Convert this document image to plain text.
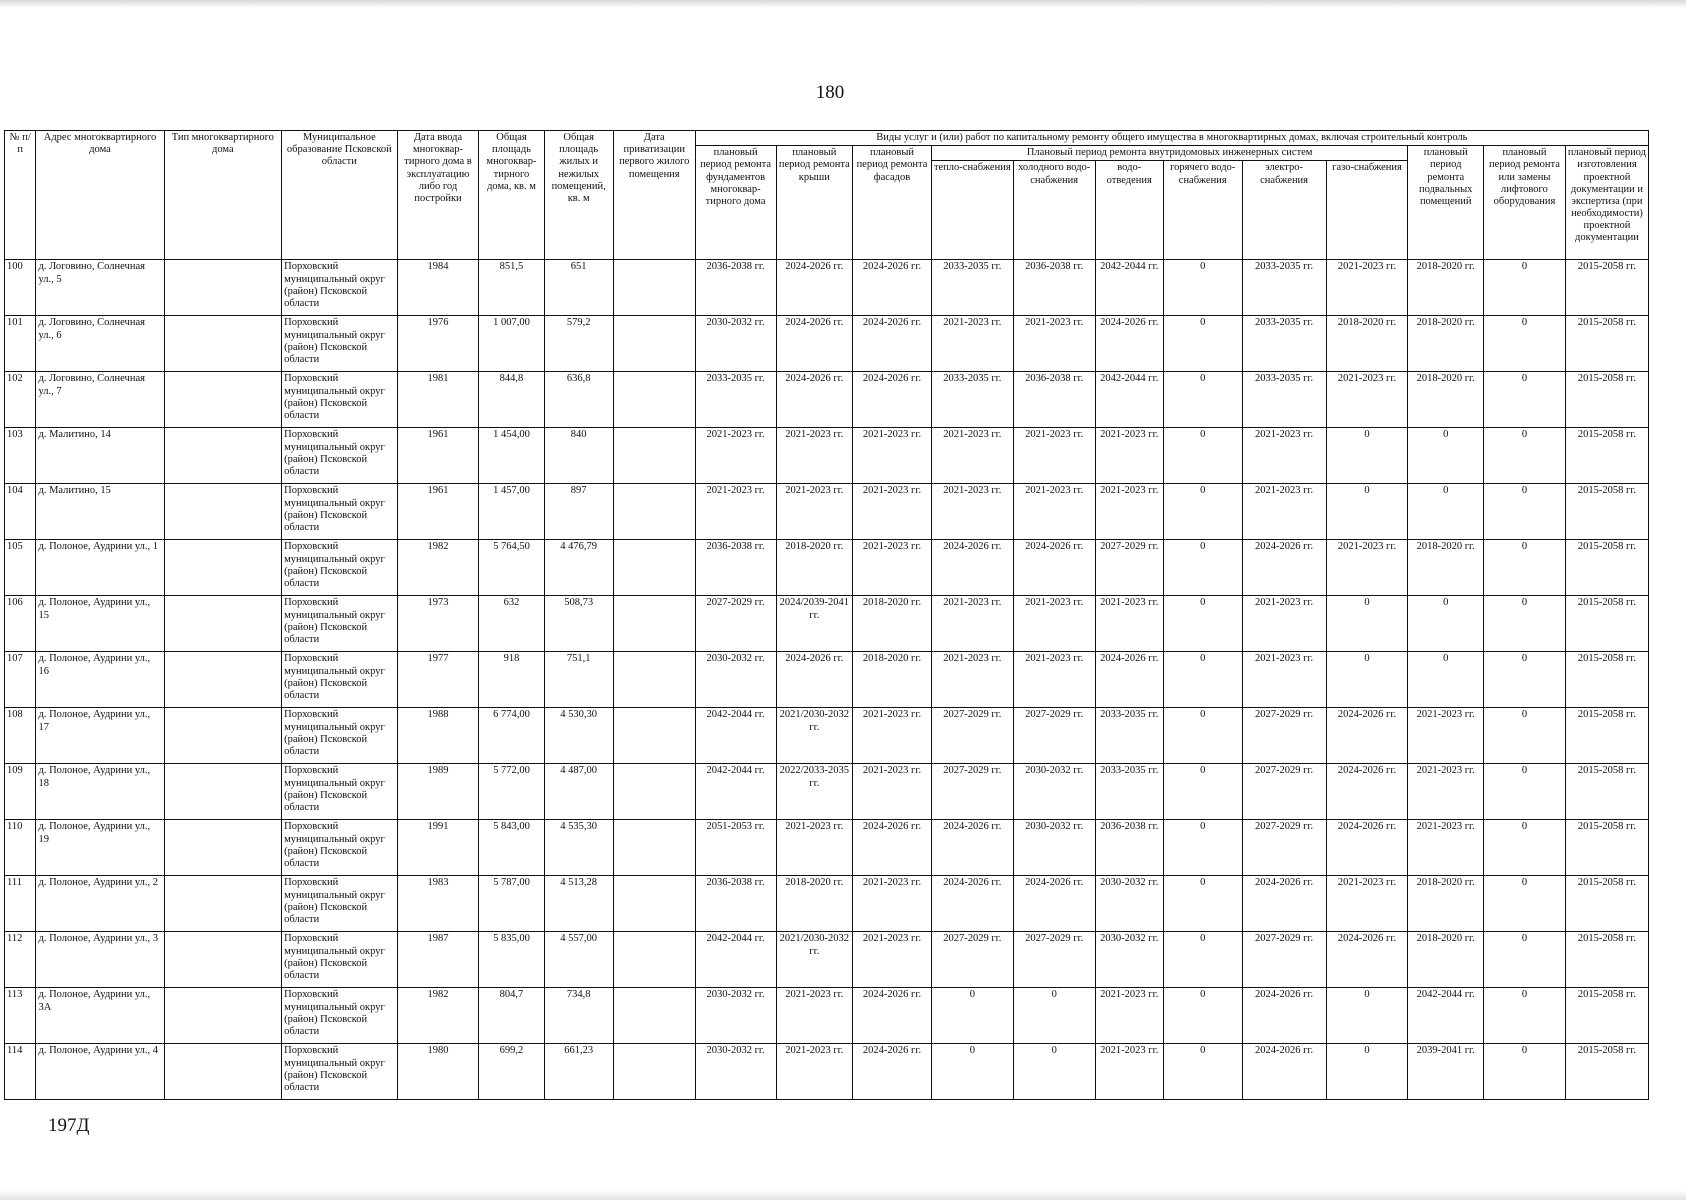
180
№ п/п	Адрес многоквартирного дома	Тип многоквартирного дома	Муниципальное образование Псковской области	Дата ввода многоквар-тирного дома в эксплуатацию либо год постройки	Общая площадь многоквар-тирного дома, кв. м	Общая площадь жилых и нежилых помещений, кв. м	Дата приватизации первого жилого помещения	Виды услуг и (или) работ по капитальному ремонту общего имущества в многоквартирных домах, включая строительный контроль											
								плановый период ремонта фундаментов многоквар-тирного дома	плановый период ремонта крыши	плановый период ремонта фасадов	Плановый период ремонта внутридомовых инженерных систем						плановый период ремонта подвальных помещений	плановый период ремонта или замены лифтового оборудования	плановый период изготовления проектной документации и экспертиза (при необходимости) проектной документации
											тепло-снабжения	холодного водо-снабжения	водо-отведения	горячего водо-снабжения	электро-снабжения	газо-снабжения			
100	д. Логовино, Солнечная ул., 5		Порховский муниципальный округ (район) Псковской области	1984	851,5	651		2036-2038 гг.	2024-2026 гг.	2024-2026 гг.	2033-2035 гг.	2036-2038 гг.	2042-2044 гг.	0	2033-2035 гг.	2021-2023 гг.	2018-2020 гг.	0	2015-2058 гг.
101	д. Логовино, Солнечная ул., 6		Порховский муниципальный округ (район) Псковской области	1976	1 007,00	579,2		2030-2032 гг.	2024-2026 гг.	2024-2026 гг.	2021-2023 гг.	2021-2023 гг.	2024-2026 гг.	0	2033-2035 гг.	2018-2020 гг.	2018-2020 гг.	0	2015-2058 гг.
102	д. Логовино, Солнечная ул., 7		Порховский муниципальный округ (район) Псковской области	1981	844,8	636,8		2033-2035 гг.	2024-2026 гг.	2024-2026 гг.	2033-2035 гг.	2036-2038 гг.	2042-2044 гг.	0	2033-2035 гг.	2021-2023 гг.	2018-2020 гг.	0	2015-2058 гг.
103	д. Малитино, 14		Порховский муниципальный округ (район) Псковской области	1961	1 454,00	840		2021-2023 гг.	2021-2023 гг.	2021-2023 гг.	2021-2023 гг.	2021-2023 гг.	2021-2023 гг.	0	2021-2023 гг.	0	0	0	2015-2058 гг.
104	д. Малитино, 15		Порховский муниципальный округ (район) Псковской области	1961	1 457,00	897		2021-2023 гг.	2021-2023 гг.	2021-2023 гг.	2021-2023 гг.	2021-2023 гг.	2021-2023 гг.	0	2021-2023 гг.	0	0	0	2015-2058 гг.
105	д. Полоное, Аудрини ул., 1		Порховский муниципальный округ (район) Псковской области	1982	5 764,50	4 476,79		2036-2038 гг.	2018-2020 гг.	2021-2023 гг.	2024-2026 гг.	2024-2026 гг.	2027-2029 гг.	0	2024-2026 гг.	2021-2023 гг.	2018-2020 гг.	0	2015-2058 гг.
106	д. Полоное, Аудрини ул., 15		Порховский муниципальный округ (район) Псковской области	1973	632	508,73		2027-2029 гг.	2024/2039-2041 гг.	2018-2020 гг.	2021-2023 гг.	2021-2023 гг.	2021-2023 гг.	0	2021-2023 гг.	0	0	0	2015-2058 гг.
107	д. Полоное, Аудрини ул., 16		Порховский муниципальный округ (район) Псковской области	1977	918	751,1		2030-2032 гг.	2024-2026 гг.	2018-2020 гг.	2021-2023 гг.	2021-2023 гг.	2024-2026 гг.	0	2021-2023 гг.	0	0	0	2015-2058 гг.
108	д. Полоное, Аудрини ул., 17		Порховский муниципальный округ (район) Псковской области	1988	6 774,00	4 530,30		2042-2044 гг.	2021/2030-2032 гг.	2021-2023 гг.	2027-2029 гг.	2027-2029 гг.	2033-2035 гг.	0	2027-2029 гг.	2024-2026 гг.	2021-2023 гг.	0	2015-2058 гг.
109	д. Полоное, Аудрини ул., 18		Порховский муниципальный округ (район) Псковской области	1989	5 772,00	4 487,00		2042-2044 гг.	2022/2033-2035 гг.	2021-2023 гг.	2027-2029 гг.	2030-2032 гг.	2033-2035 гг.	0	2027-2029 гг.	2024-2026 гг.	2021-2023 гг.	0	2015-2058 гг.
110	д. Полоное, Аудрини ул., 19		Порховский муниципальный округ (район) Псковской области	1991	5 843,00	4 535,30		2051-2053 гг.	2021-2023 гг.	2024-2026 гг.	2024-2026 гг.	2030-2032 гг.	2036-2038 гг.	0	2027-2029 гг.	2024-2026 гг.	2021-2023 гг.	0	2015-2058 гг.
111	д. Полоное, Аудрини ул., 2		Порховский муниципальный округ (район) Псковской области	1983	5 787,00	4 513,28		2036-2038 гг.	2018-2020 гг.	2021-2023 гг.	2024-2026 гг.	2024-2026 гг.	2030-2032 гг.	0	2024-2026 гг.	2021-2023 гг.	2018-2020 гг.	0	2015-2058 гг.
112	д. Полоное, Аудрини ул., 3		Порховский муниципальный округ (район) Псковской области	1987	5 835,00	4 557,00		2042-2044 гг.	2021/2030-2032 гг.	2021-2023 гг.	2027-2029 гг.	2027-2029 гг.	2030-2032 гг.	0	2027-2029 гг.	2024-2026 гг.	2018-2020 гг.	0	2015-2058 гг.
113	д. Полоное, Аудрини ул., 3А		Порховский муниципальный округ (район) Псковской области	1982	804,7	734,8		2030-2032 гг.	2021-2023 гг.	2024-2026 гг.	0	0	2021-2023 гг.	0	2024-2026 гг.	0	2042-2044 гг.	0	2015-2058 гг.
114	д. Полоное, Аудрини ул., 4		Порховский муниципальный округ (район) Псковской области	1980	699,2	661,23		2030-2032 гг.	2021-2023 гг.	2024-2026 гг.	0	0	2021-2023 гг.	0	2024-2026 гг.	0	2039-2041 гг.	0	2015-2058 гг.
197Д
